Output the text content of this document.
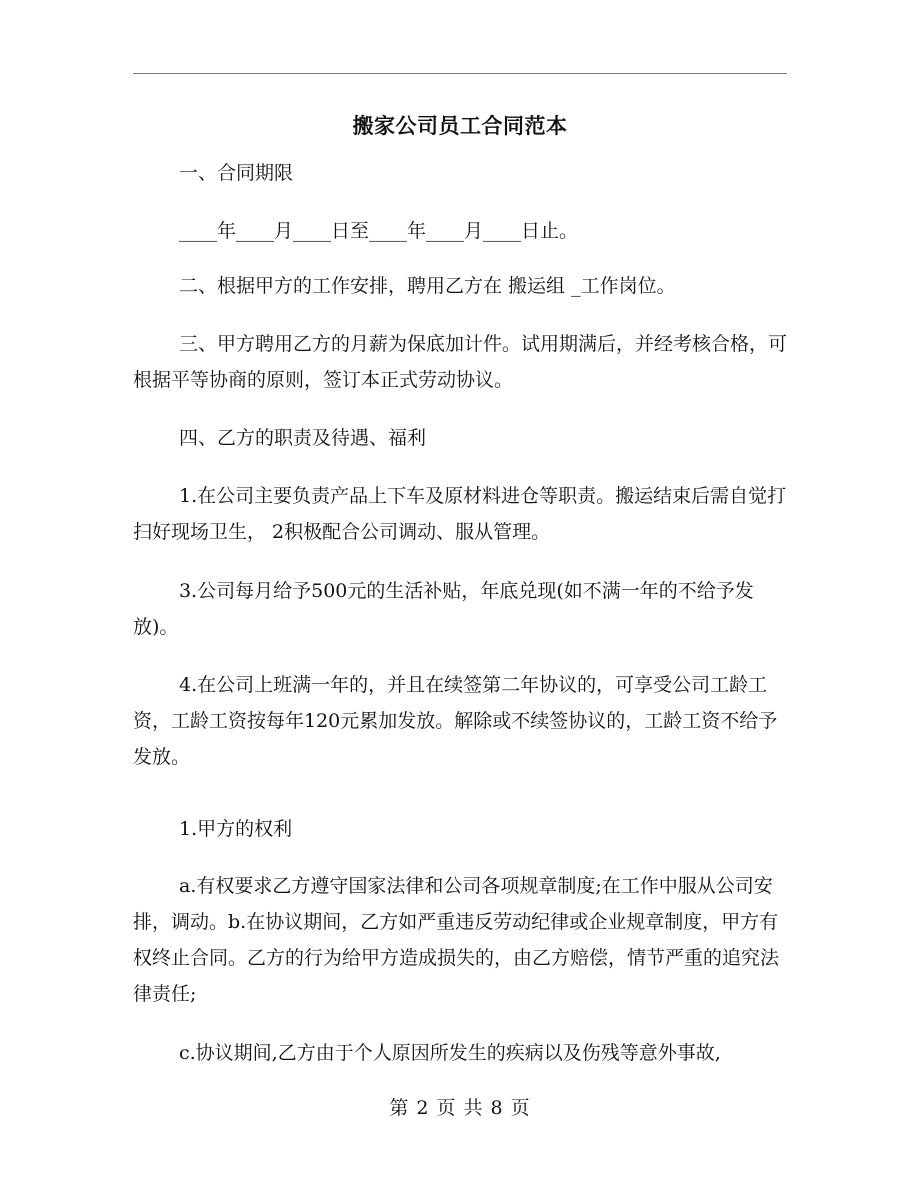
搬家公司员工合同范本
一、合同期限
____年____月____日至____年____月____日止。
二、根据甲方的工作安排，聘用乙方在 搬运组 _工作岗位。
三、甲方聘用乙方的月薪为保底加计件。试用期满后，并经考核合格，可根据平等协商的原则，签订本正式劳动协议。
四、乙方的职责及待遇、福利
1.在公司主要负责产品上下车及原材料进仓等职责。搬运结束后需自觉打扫好现场卫生， 2积极配合公司调动、服从管理。
3.公司每月给予500元的生活补贴，年底兑现(如不满一年的不给予发放)。
4.在公司上班满一年的，并且在续签第二年协议的，可享受公司工龄工资，工龄工资按每年120元累加发放。解除或不续签协议的，工龄工资不给予发放。
1.甲方的权利
a.有权要求乙方遵守国家法律和公司各项规章制度;在工作中服从公司安排，调动。b.在协议期间，乙方如严重违反劳动纪律或企业规章制度，甲方有权终止合同。乙方的行为给甲方造成损失的，由乙方赔偿，情节严重的追究法律责任;
c.协议期间,乙方由于个人原因所发生的疾病以及伤残等意外事故,
第 2 页 共 8 页
